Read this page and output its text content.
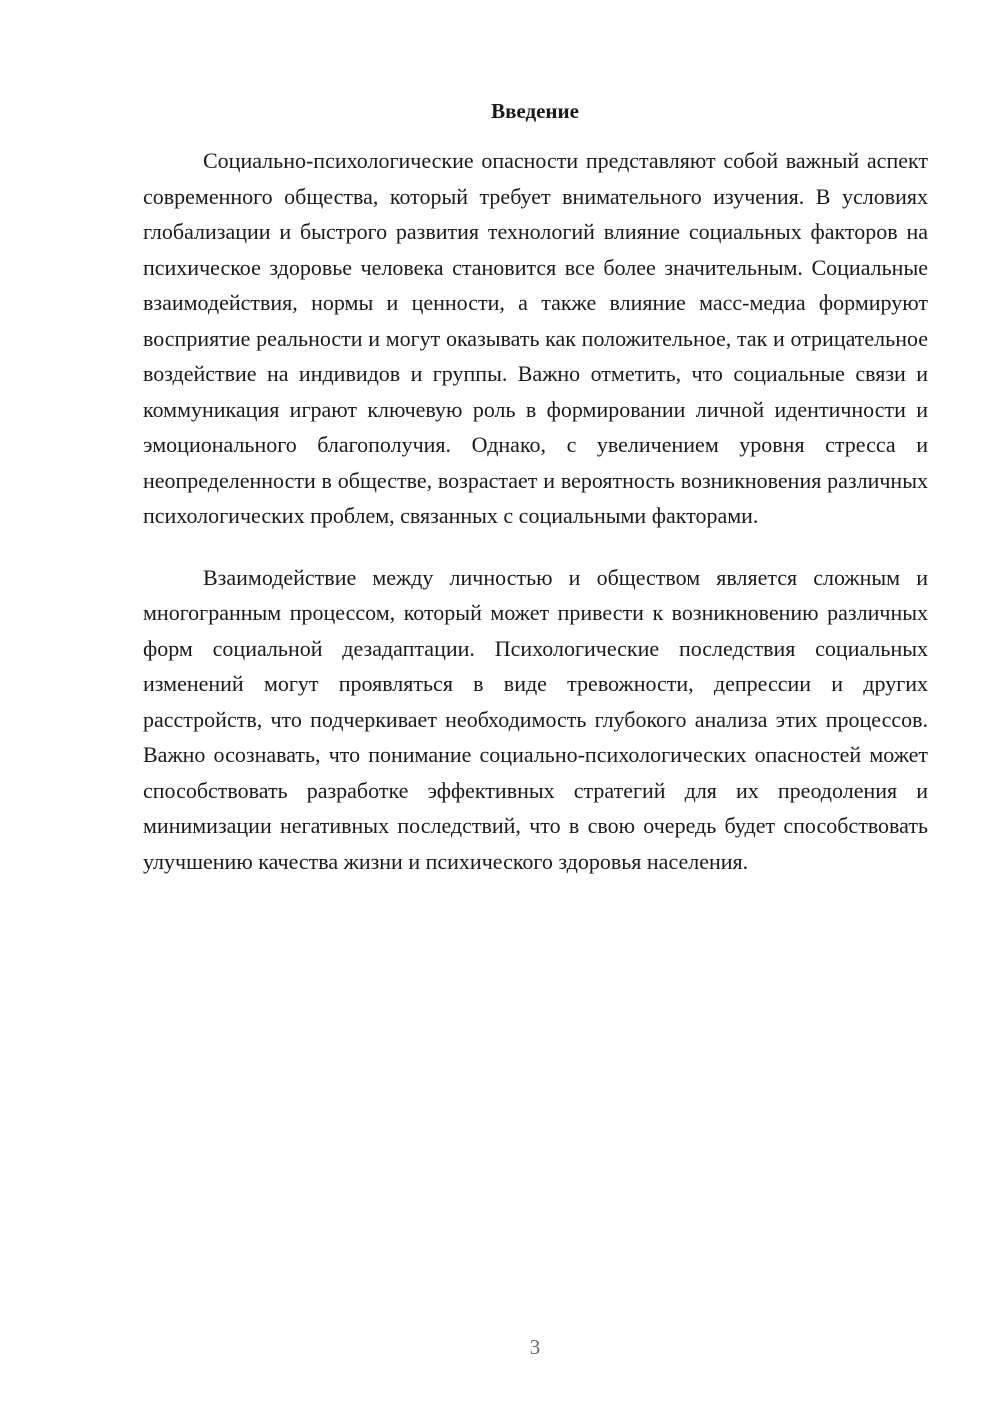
Введение

Социально-психологические опасности представляют собой важный аспект современного общества, который требует внимательного изучения. В условиях глобализации и быстрого развития технологий влияние социальных факторов на психическое здоровье человека становится все более значительным. Социальные взаимодействия, нормы и ценности, а также влияние масс-медиа формируют восприятие реальности и могут оказывать как положительное, так и отрицательное воздействие на индивидов и группы. Важно отметить, что социальные связи и коммуникация играют ключевую роль в формировании личной идентичности и эмоционального благополучия. Однако, с увеличением уровня стресса и неопределенности в обществе, возрастает и вероятность возникновения различных психологических проблем, связанных с социальными факторами.

Взаимодействие между личностью и обществом является сложным и многогранным процессом, который может привести к возникновению различных форм социальной дезадаптации. Психологические последствия социальных изменений могут проявляться в виде тревожности, депрессии и других расстройств, что подчеркивает необходимость глубокого анализа этих процессов. Важно осознавать, что понимание социально-психологических опасностей может способствовать разработке эффективных стратегий для их преодоления и минимизации негативных последствий, что в свою очередь будет способствовать улучшению качества жизни и психического здоровья населения.

3
